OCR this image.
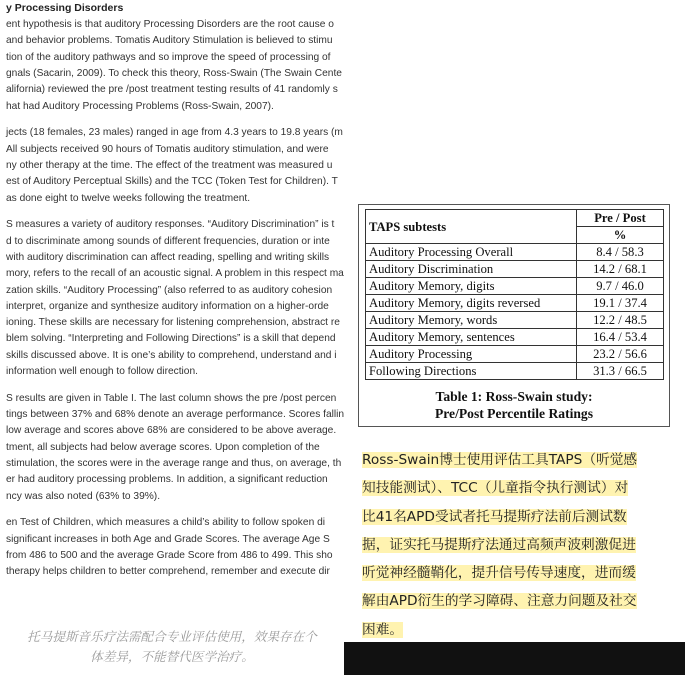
y Processing Disorders
ent hypothesis is that auditory Processing Disorders are the root cause o
and behavior problems. Tomatis Auditory Stimulation is believed to stimu
tion of the auditory pathways and so improve the speed of processing of
gnals (Sacarin, 2009). To check this theory, Ross-Swain (The Swain Cente
alifornia) reviewed the pre /post treatment testing results of 41 randomly s
hat had Auditory Processing Problems (Ross-Swain, 2007).
jects (18 females, 23 males) ranged in age from 4.3 years to 19.8 years (m
All subjects received 90 hours of Tomatis auditory stimulation, and were
ny other therapy at the time. The effect of the treatment was measured u
est of Auditory Perceptual Skills) and the TCC (Token Test for Children). T
as done eight to twelve weeks following the treatment.
S measures a variety of auditory responses. “Auditory Discrimination” is t
d to discriminate among sounds of different frequencies, duration or inte
with auditory discrimination can affect reading, spelling and writing skills
mory, refers to the recall of an acoustic signal. A problem in this respect ma
zation skills. “Auditory Processing” (also referred to as auditory cohesion
interpret, organize and synthesize auditory information on a higher-orde
ioning. These skills are necessary for listening comprehension, abstract re
blem solving. “Interpreting and Following Directions” is a skill that depend
skills discussed above. It is one’s ability to comprehend, understand and i
information well enough to follow direction.
S results are given in Table I. The last column shows the pre /post percen
tings between 37% and 68% denote an average performance. Scores fallin
low average and scores above 68% are considered to be above average.
tment, all subjects had below average scores. Upon completion of the
stimulation, the scores were in the average range and thus, on average, th
er had auditory processing problems. In addition, a significant reduction
ncy was also noted (63% to 39%).
en Test of Children, which measures a child’s ability to follow spoken di
significant increases in both Age and Grade Scores. The average Age S
from 486 to 500 and the average Grade Score from 486 to 499. This sho
therapy helps children to better comprehend, remember and execute dir
托马提斯音乐疗法需配合专业评估使用，效果存在个
体差异，不能替代医学治疗。
TAPS subtests	Pre / Post
	%
Auditory Processing Overall	8.4 / 58.3
Auditory Discrimination	14.2 / 68.1
Auditory Memory, digits	9.7 / 46.0
Auditory Memory, digits reversed	19.1 / 37.4
Auditory Memory, words	12.2 / 48.5
Auditory Memory, sentences	16.4 / 53.4
Auditory Processing	23.2 / 56.6
Following Directions	31.3 / 66.5
Table 1: Ross-Swain study:
Pre/Post Percentile Ratings
Ross-Swain博士使用评估工具TAPS（听觉感
知技能测试）、TCC（儿童指令执行测试）对
比41名APD受试者托马提斯疗法前后测试数
据，证实托马提斯疗法通过高频声波刺激促进
听觉神经髓鞘化，提升信号传导速度，进而缓
解由APD衍生的学习障碍、注意力问题及社交
困难。
